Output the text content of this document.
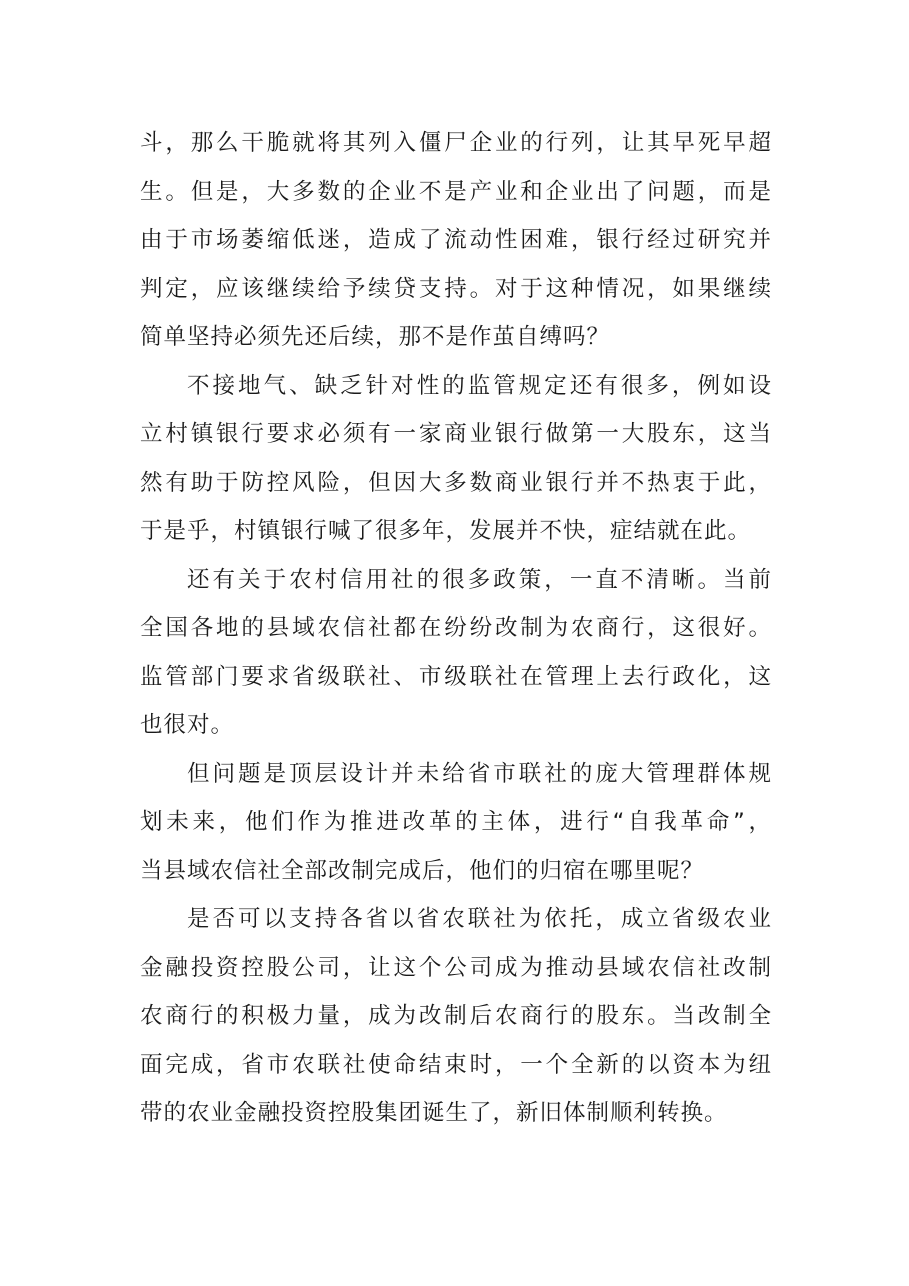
斗，那么干脆就将其列入僵尸企业的行列，让其早死早超
生。但是，大多数的企业不是产业和企业出了问题，而是
由于市场萎缩低迷，造成了流动性困难，银行经过研究并
判定，应该继续给予续贷支持。对于这种情况，如果继续
简单坚持必须先还后续，那不是作茧自缚吗？
不接地气、缺乏针对性的监管规定还有很多，例如设
立村镇银行要求必须有一家商业银行做第一大股东，这当
然有助于防控风险，但因大多数商业银行并不热衷于此，
于是乎，村镇银行喊了很多年，发展并不快，症结就在此。
还有关于农村信用社的很多政策，一直不清晰。当前
全国各地的县域农信社都在纷纷改制为农商行，这很好。
监管部门要求省级联社、市级联社在管理上去行政化，这
也很对。
但问题是顶层设计并未给省市联社的庞大管理群体规
划未来，他们作为推进改革的主体，进行“自我革命”，
当县域农信社全部改制完成后，他们的归宿在哪里呢？
是否可以支持各省以省农联社为依托，成立省级农业
金融投资控股公司，让这个公司成为推动县域农信社改制
农商行的积极力量，成为改制后农商行的股东。当改制全
面完成，省市农联社使命结束时，一个全新的以资本为纽
带的农业金融投资控股集团诞生了，新旧体制顺利转换。
